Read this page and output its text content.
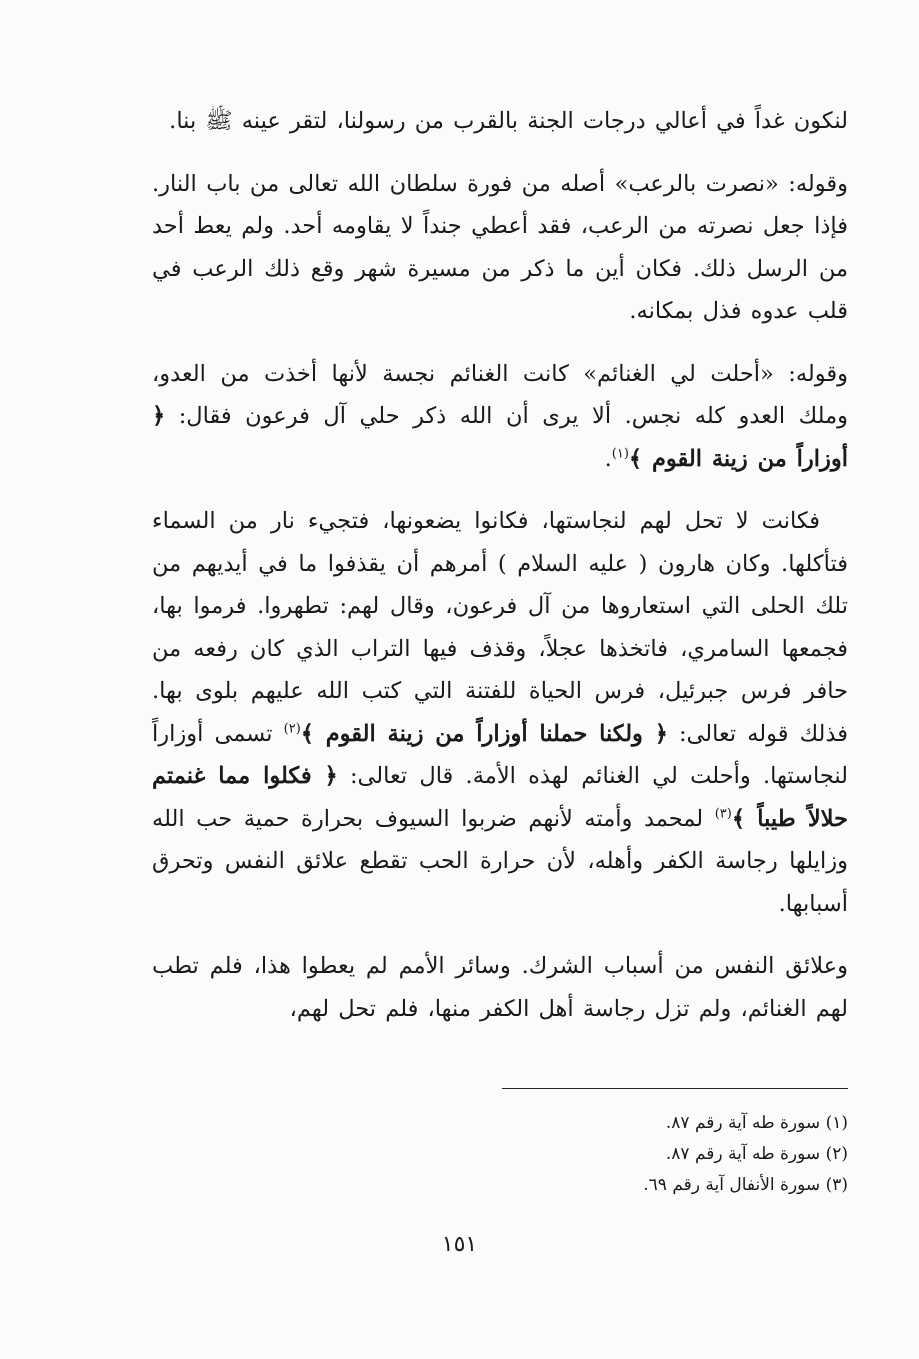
لنكون غداً في أعالي درجات الجنة بالقرب من رسولنا، لتقر عينه ﷺ بنا.

وقوله: «نصرت بالرعب» أصله من فورة سلطان الله تعالى من باب النار. فإذا جعل نصرته من الرعب، فقد أعطي جنداً لا يقاومه أحد. ولم يعط أحد من الرسل ذلك. فكان أين ما ذكر من مسيرة شهر وقع ذلك الرعب في قلب عدوه فذل بمكانه.

وقوله: «أحلت لي الغنائم» كانت الغنائم نجسة لأنها أخذت من العدو، وملك العدو كله نجس. ألا يرى أن الله ذكر حلي آل فرعون فقال: ﴿ أوزاراً من زينة القوم ﴾$^{(١)}$.

فكانت لا تحل لهم لنجاستها، فكانوا يضعونها، فتجيء نار من السماء فتأكلها. وكان هارون ( عليه السلام ) أمرهم أن يقذفوا ما في أيديهم من تلك الحلى التي استعاروها من آل فرعون، وقال لهم: تطهروا. فرموا بها، فجمعها السامري، فاتخذها عجلاً، وقذف فيها التراب الذي كان رفعه من حافر فرس جبرئيل، فرس الحياة للفتنة التي كتب الله عليهم بلوى بها. فذلك قوله تعالى: ﴿ ولكنا حملنا أوزاراً من زينة القوم ﴾$^{(٢)}$ تسمى أوزاراً لنجاستها. وأحلت لي الغنائم لهذه الأمة. قال تعالى: ﴿ فكلوا مما غنمتم حلالاً طيباً ﴾$^{(٣)}$ لمحمد وأمته لأنهم ضربوا السيوف بحرارة حمية حب الله وزايلها رجاسة الكفر وأهله، لأن حرارة الحب تقطع علائق النفس وتحرق أسبابها.

وعلائق النفس من أسباب الشرك. وسائر الأمم لم يعطوا هذا، فلم تطب لهم الغنائم، ولم تزل رجاسة أهل الكفر منها، فلم تحل لهم،

(١) سورة طه آية رقم ٨٧.

(٢) سورة طه آية رقم ٨٧.

(٣) سورة الأنفال آية رقم ٦٩.

١٥١
